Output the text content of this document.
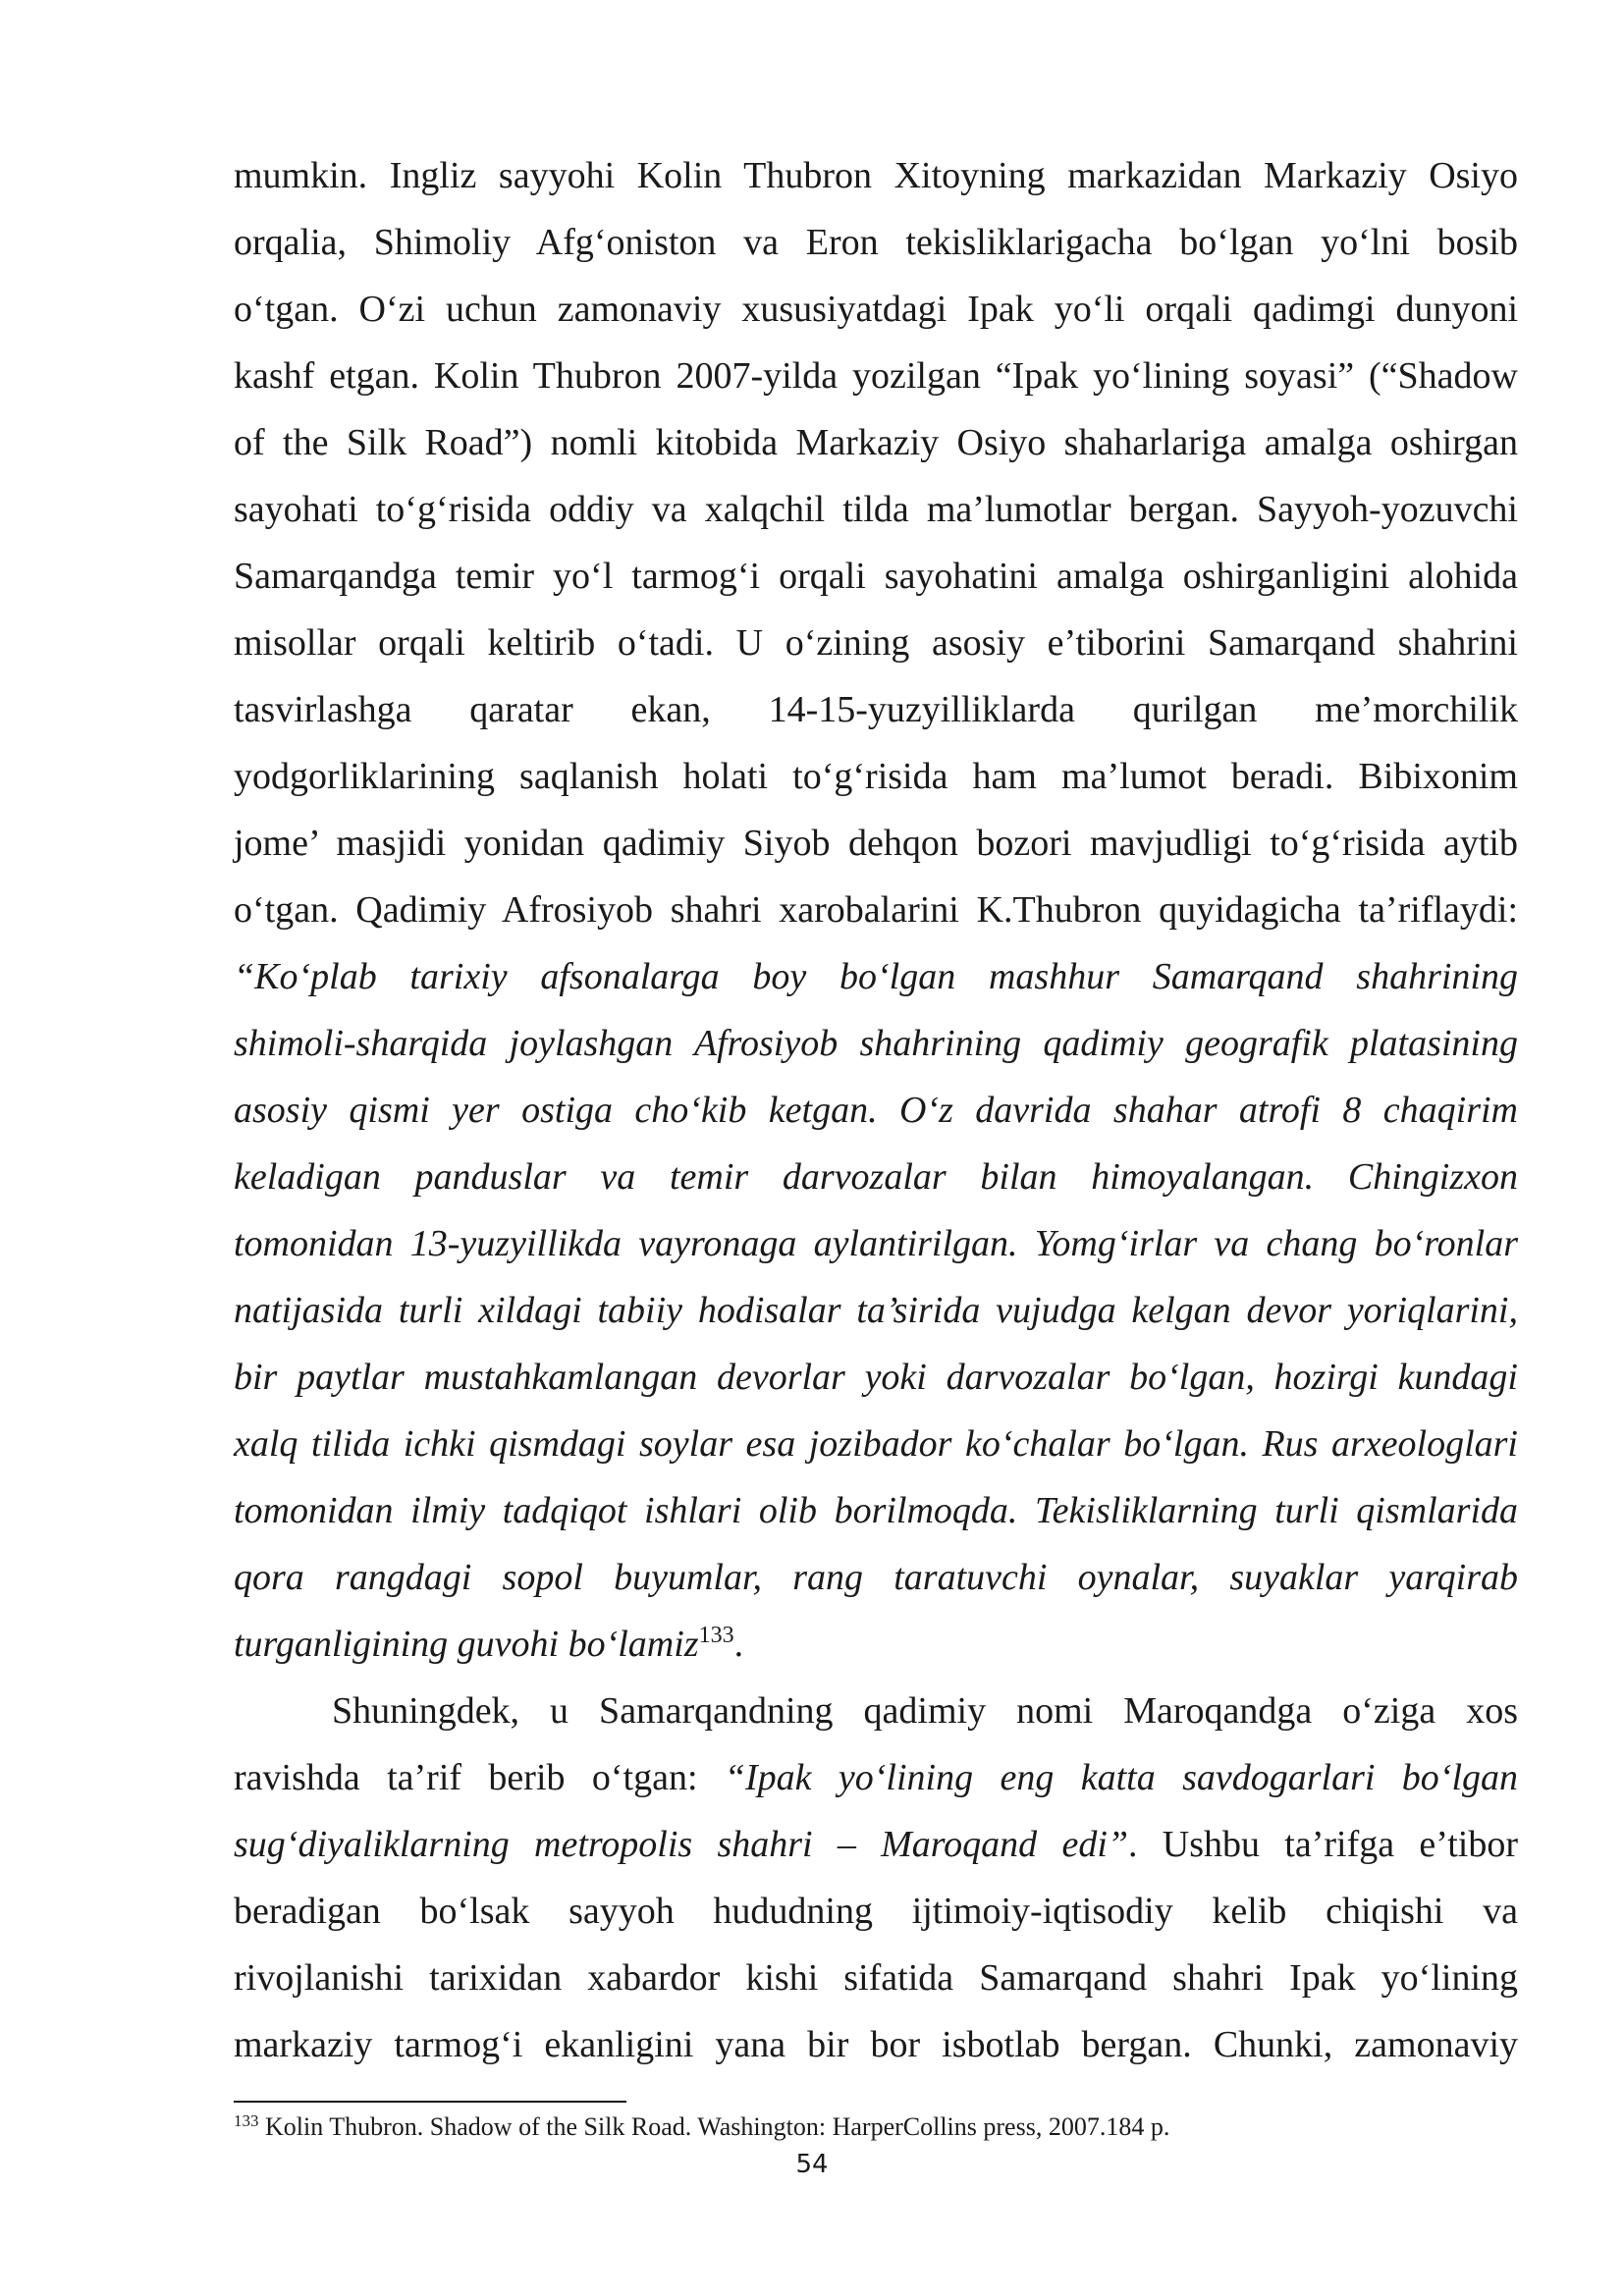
mumkin. Ingliz sayyohi Kolin Thubron Xitoyning markazidan Markaziy Osiyo
orqalia, Shimoliy Afg‘oniston va Eron tekisliklarigacha bo‘lgan yo‘lni bosib
o‘tgan. O‘zi uchun zamonaviy xususiyatdagi Ipak yo‘li orqali qadimgi dunyoni
kashf etgan. Kolin Thubron 2007-yilda yozilgan “Ipak yo‘lining soyasi” (“Shadow
of the Silk Road”) nomli kitobida Markaziy Osiyo shaharlariga amalga oshirgan
sayohati to‘g‘risida oddiy va xalqchil tilda ma’lumotlar bergan. Sayyoh-yozuvchi
Samarqandga temir yo‘l tarmog‘i orqali sayohatini amalga oshirganligini alohida
misollar orqali keltirib o‘tadi. U o‘zining asosiy e’tiborini Samarqand shahrini
tasvirlashga qaratar ekan, 14-15-yuzyilliklarda qurilgan me’morchilik
yodgorliklarining saqlanish holati to‘g‘risida ham ma’lumot beradi. Bibixonim
jome’ masjidi yonidan qadimiy Siyob dehqon bozori mavjudligi to‘g‘risida aytib
o‘tgan. Qadimiy Afrosiyob shahri xarobalarini K.Thubron quyidagicha ta’riflaydi:
“Ko‘plab tarixiy afsonalarga boy bo‘lgan mashhur Samarqand shahrining
shimoli-sharqida joylashgan Afrosiyob shahrining qadimiy geografik platasining
asosiy qismi yer ostiga cho‘kib ketgan. O‘z davrida shahar atrofi 8 chaqirim
keladigan panduslar va temir darvozalar bilan himoyalangan. Chingizxon
tomonidan 13-yuzyillikda vayronaga aylantirilgan. Yomg‘irlar va chang bo‘ronlar
natijasida turli xildagi tabiiy hodisalar ta’sirida vujudga kelgan devor yoriqlarini,
bir paytlar mustahkamlangan devorlar yoki darvozalar bo‘lgan, hozirgi kundagi
xalq tilida ichki qismdagi soylar esa jozibador ko‘chalar bo‘lgan. Rus arxeologlari
tomonidan ilmiy tadqiqot ishlari olib borilmoqda. Tekisliklarning turli qismlarida
qora rangdagi sopol buyumlar, rang taratuvchi oynalar, suyaklar yarqirab
turganligining guvohi bo‘lamiz$^{133}$.
Shuningdek, u Samarqandning qadimiy nomi Maroqandga o‘ziga xos
ravishda ta’rif berib o‘tgan: “Ipak yo‘lining eng katta savdogarlari bo‘lgan
sug‘diyaliklarning metropolis shahri – Maroqand edi”. Ushbu ta’rifga e’tibor
beradigan bo‘lsak sayyoh hududning ijtimoiy-iqtisodiy kelib chiqishi va
rivojlanishi tarixidan xabardor kishi sifatida Samarqand shahri Ipak yo‘lining
markaziy tarmog‘i ekanligini yana bir bor isbotlab bergan. Chunki, zamonaviy
$^{133}$ Kolin Thubron. Shadow of the Silk Road. Washington: HarperCollins press, 2007.184 p.
54
